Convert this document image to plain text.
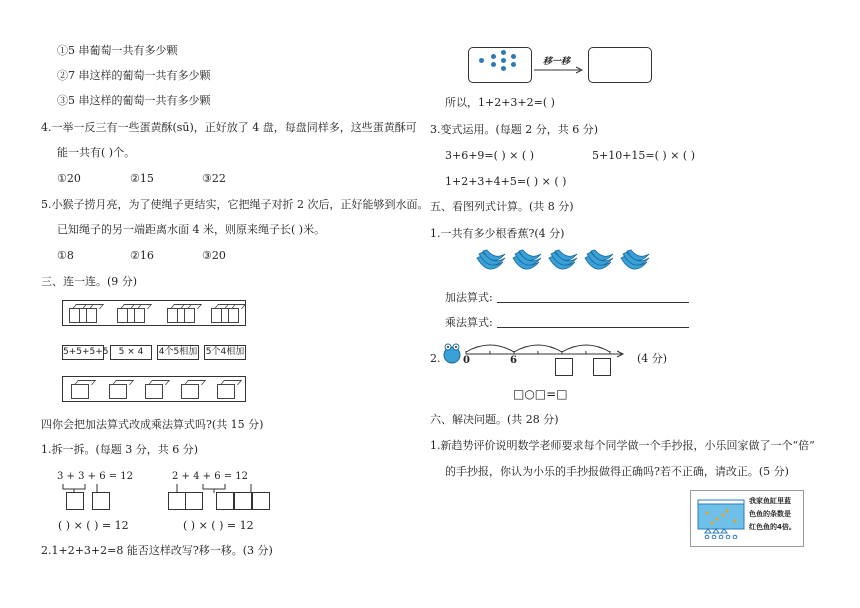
①5 串葡萄一共有多少颗
②7 串这样的葡萄一共有多少颗
③5 串这样的葡萄一共有多少颗
4.一举一反三有一些蛋黄酥(sū)，正好放了 4 盘，每盘同样多，这些蛋黄酥可
能一共有( )个。
①20	②15	③22
5.小猴子捞月亮，为了使绳子更结实，它把绳子对折 2 次后，正好能够到水面。
已知绳子的另一端距离水面 4 米，则原来绳子长( )米。
①8	②16	③20
三、连一连。(9 分)
5+5+5+5	5 × 4	4个5相加 5个4相加
四你会把加法算式改成乘法算式吗?(共 15 分)
1.拆一拆。(每题 3 分，共 6 分)
3 + 3 + 6 = 12	2 + 4 + 6 = 12
( ) × ( ) = 12	( ) × ( ) = 12
2.1+2+3+2=8 能否这样改写?移一移。(3 分)
移一移
所以，1+2+3+2=( )
3.变式运用。(每题 2 分，共 6 分)
3+6+9=( ) × ( )	5+10+15=( ) × ( )
1+2+3+4+5=( ) × ( )
五、看图列式计算。(共 8 分)
1.一共有多少根香蕉?(4 分)
加法算式:
乘法算式:
2. 0	6	(4 分)
□○□=□
六、解决问题。(共 28 分)
1.新趋势评价说明数学老师要求每个同学做一个手抄报，小乐回家做了一个“倍”
的手抄报，你认为小乐的手抄报做得正确吗?若不正确，请改正。(5 分)
我家鱼缸里蓝
色鱼的条数是
红色鱼的4倍。
